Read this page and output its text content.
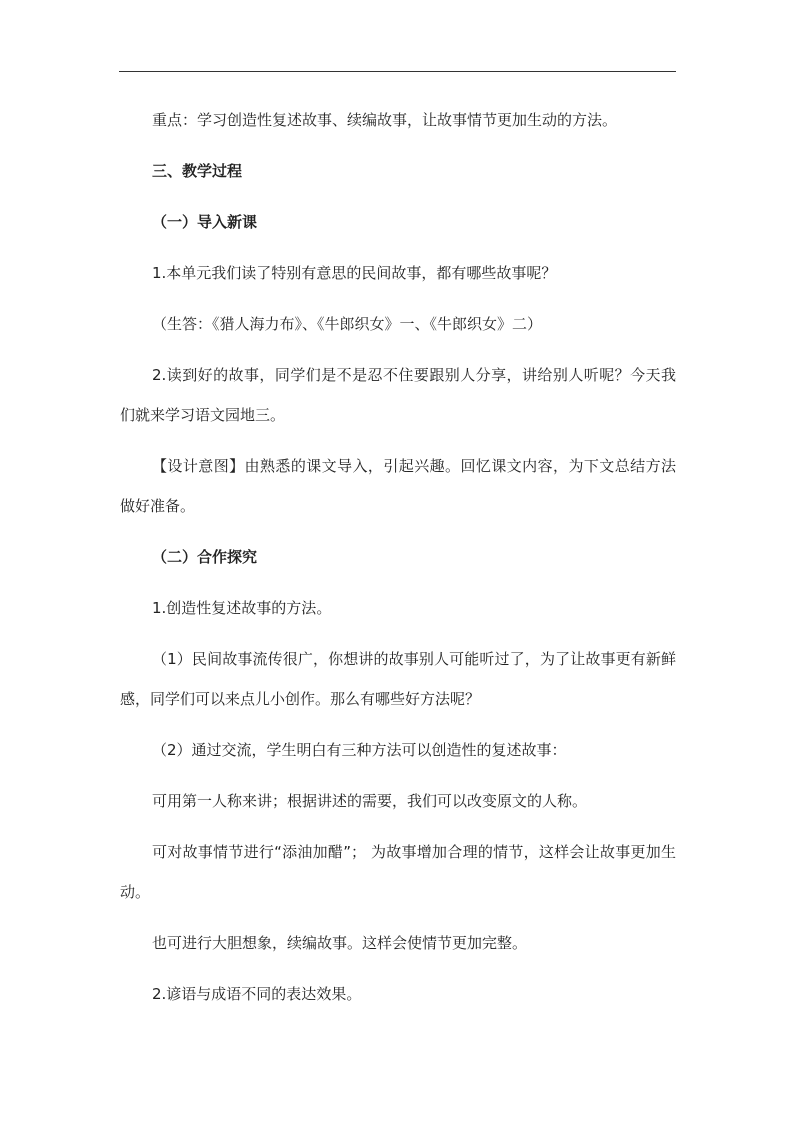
重点：学习创造性复述故事、续编故事，让故事情节更加生动的方法。

三、教学过程

（一）导入新课

1.本单元我们读了特别有意思的民间故事，都有哪些故事呢？

（生答：《猎人海力布》、《牛郎织女》一、《牛郎织女》二）

2.读到好的故事，同学们是不是忍不住要跟别人分享，讲给别人听呢？今天我们就来学习语文园地三。

【设计意图】由熟悉的课文导入，引起兴趣。回忆课文内容，为下文总结方法做好准备。

（二）合作探究

1.创造性复述故事的方法。

（1）民间故事流传很广，你想讲的故事别人可能听过了，为了让故事更有新鲜感，同学们可以来点儿小创作。那么有哪些好方法呢？

（2）通过交流，学生明白有三种方法可以创造性的复述故事：

可用第一人称来讲；根据讲述的需要，我们可以改变原文的人称。

可对故事情节进行“添油加醋”； 为故事增加合理的情节，这样会让故事更加生动。

也可进行大胆想象，续编故事。这样会使情节更加完整。

2.谚语与成语不同的表达效果。
